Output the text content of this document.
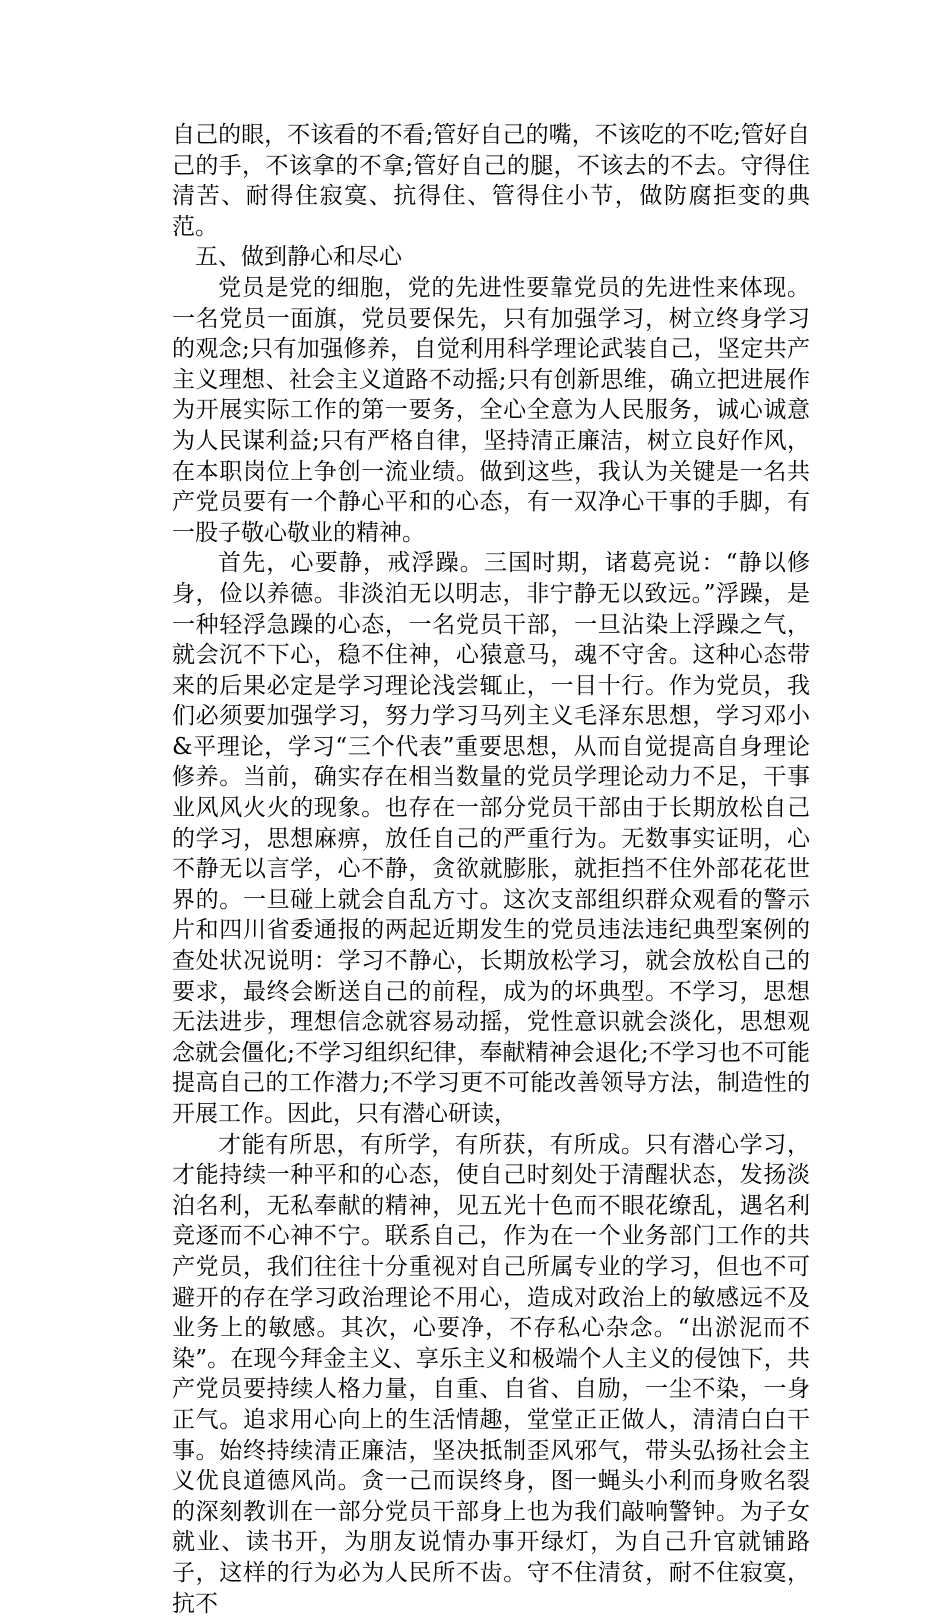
自己的眼，不该看的不看;管好自己的嘴，不该吃的不吃;管好自己的手，不该拿的不拿;管好自己的腿，不该去的不去。守得住清苦、耐得住寂寞、抗得住、管得住小节，做防腐拒变的典范。

五、做到静心和尽心

党员是党的细胞，党的先进性要靠党员的先进性来体现。一名党员一面旗，党员要保先，只有加强学习，树立终身学习的观念;只有加强修养，自觉利用科学理论武装自己，坚定共产主义理想、社会主义道路不动摇;只有创新思维，确立把进展作为开展实际工作的第一要务，全心全意为人民服务，诚心诚意为人民谋利益;只有严格自律，坚持清正廉洁，树立良好作风，在本职岗位上争创一流业绩。做到这些，我认为关键是一名共产党员要有一个静心平和的心态，有一双净心干事的手脚，有一股子敬心敬业的精神。

首先，心要静，戒浮躁。三国时期，诸葛亮说：“静以修身，俭以养德。非淡泊无以明志，非宁静无以致远。”浮躁，是一种轻浮急躁的心态，一名党员干部，一旦沾染上浮躁之气，就会沉不下心，稳不住神，心猿意马，魂不守舍。这种心态带来的后果必定是学习理论浅尝辄止，一目十行。作为党员，我们必须要加强学习，努力学习马列主义毛泽东思想，学习邓小&平理论，学习“三个代表”重要思想，从而自觉提高自身理论修养。当前，确实存在相当数量的党员学理论动力不足，干事业风风火火的现象。也存在一部分党员干部由于长期放松自己的学习，思想麻痹，放任自己的严重行为。无数事实证明，心不静无以言学，心不静，贪欲就膨胀，就拒挡不住外部花花世界的。一旦碰上就会自乱方寸。这次支部组织群众观看的警示片和四川省委通报的两起近期发生的党员违法违纪典型案例的查处状况说明：学习不静心，长期放松学习，就会放松自己的要求，最终会断送自己的前程，成为的坏典型。不学习，思想无法进步，理想信念就容易动摇，党性意识就会淡化，思想观念就会僵化;不学习组织纪律，奉献精神会退化;不学习也不可能提高自己的工作潜力;不学习更不可能改善领导方法，制造性的开展工作。因此，只有潜心研读，

才能有所思，有所学，有所获，有所成。只有潜心学习，才能持续一种平和的心态，使自己时刻处于清醒状态，发扬淡泊名利，无私奉献的精神，见五光十色而不眼花缭乱，遇名利竞逐而不心神不宁。联系自己，作为在一个业务部门工作的共产党员，我们往往十分重视对自己所属专业的学习，但也不可避开的存在学习政治理论不用心，造成对政治上的敏感远不及业务上的敏感。其次，心要净，不存私心杂念。“出淤泥而不染”。在现今拜金主义、享乐主义和极端个人主义的侵蚀下，共产党员要持续人格力量，自重、自省、自励，一尘不染，一身正气。追求用心向上的生活情趣，堂堂正正做人，清清白白干事。始终持续清正廉洁，坚决抵制歪风邪气，带头弘扬社会主义优良道德风尚。贪一己而误终身，图一蝇头小利而身败名裂的深刻教训在一部分党员干部身上也为我们敲响警钟。为子女就业、读书开，为朋友说情办事开绿灯，为自己升官就铺路子，这样的行为必为人民所不齿。守不住清贫，耐不住寂寞，抗不
